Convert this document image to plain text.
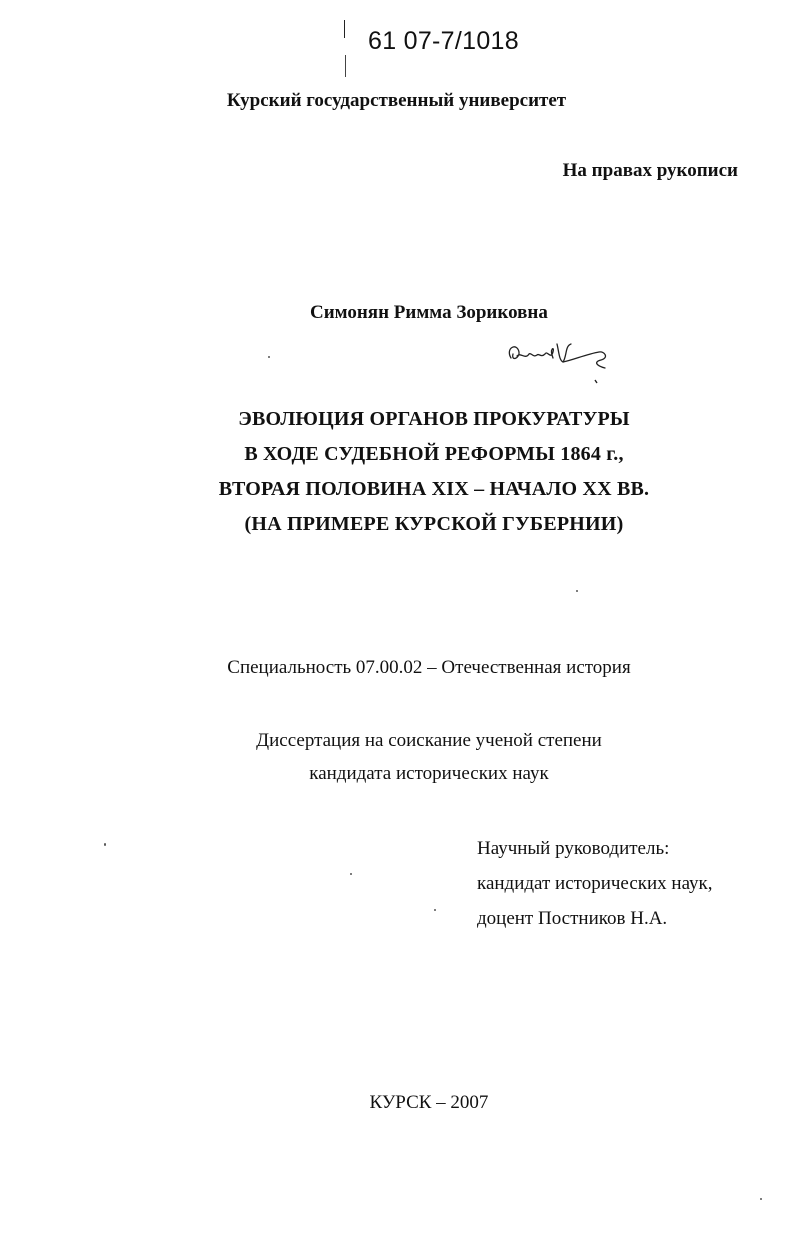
61 07-7/1018
Курский государственный университет
На правах рукописи
Симонян Римма Зориковна
ЭВОЛЮЦИЯ ОРГАНОВ ПРОКУРАТУРЫ
В ХОДЕ СУДЕБНОЙ РЕФОРМЫ 1864 г.,
ВТОРАЯ ПОЛОВИНА XIX – НАЧАЛО XX ВВ.
(НА ПРИМЕРЕ КУРСКОЙ ГУБЕРНИИ)
Специальность 07.00.02 – Отечественная история
Диссертация на соискание ученой степени
кандидата исторических наук
Научный руководитель:
кандидат исторических наук,
доцент Постников Н.А.
КУРСК – 2007
